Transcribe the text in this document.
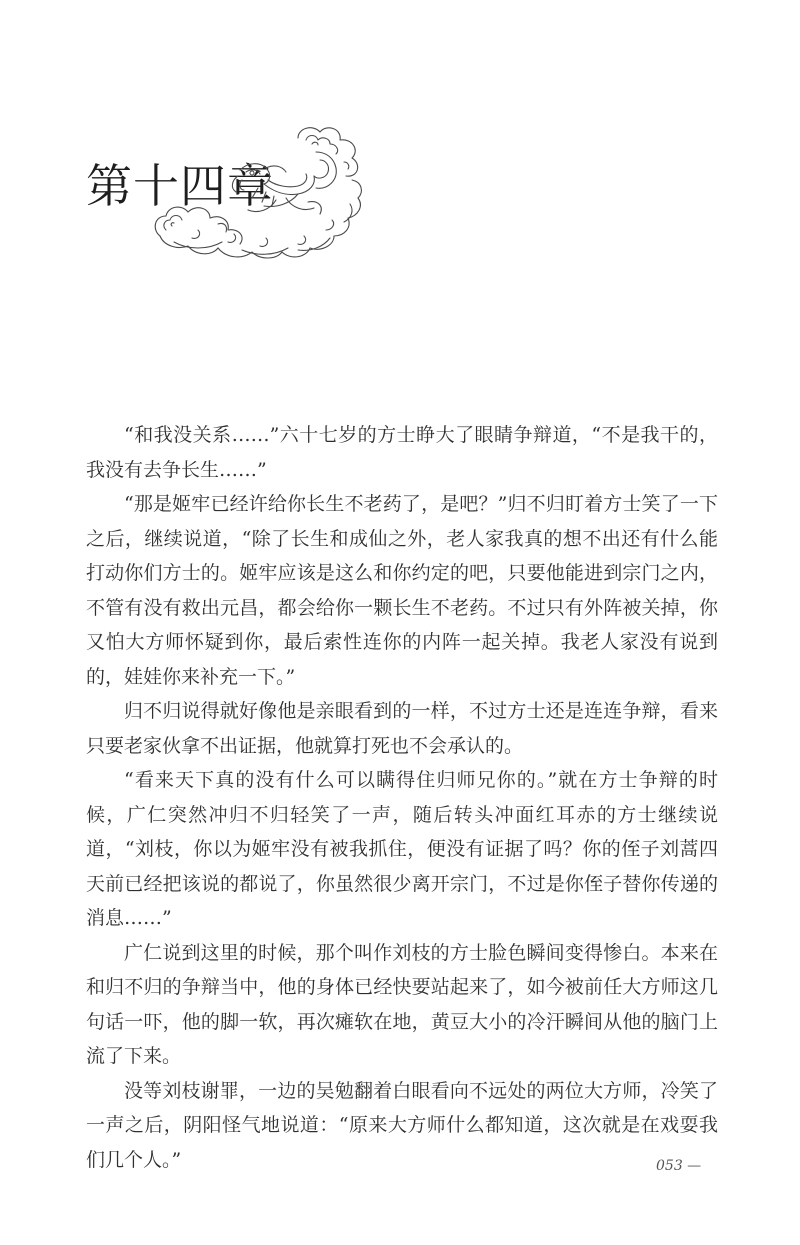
第十四章

“和我没关系……”六十七岁的方士睁大了眼睛争辩道，“不是我干的，我没有去争长生……”

“那是姬牢已经许给你长生不老药了，是吧？”归不归盯着方士笑了一下之后，继续说道，“除了长生和成仙之外，老人家我真的想不出还有什么能打动你们方士的。姬牢应该是这么和你约定的吧，只要他能进到宗门之内，不管有没有救出元昌，都会给你一颗长生不老药。不过只有外阵被关掉，你又怕大方师怀疑到你，最后索性连你的内阵一起关掉。我老人家没有说到的，娃娃你来补充一下。”

归不归说得就好像他是亲眼看到的一样，不过方士还是连连争辩，看来只要老家伙拿不出证据，他就算打死也不会承认的。

“看来天下真的没有什么可以瞒得住归师兄你的。”就在方士争辩的时候，广仁突然冲归不归轻笑了一声，随后转头冲面红耳赤的方士继续说道，“刘枝，你以为姬牢没有被我抓住，便没有证据了吗？你的侄子刘蒿四天前已经把该说的都说了，你虽然很少离开宗门，不过是你侄子替你传递的消息……”

广仁说到这里的时候，那个叫作刘枝的方士脸色瞬间变得惨白。本来在和归不归的争辩当中，他的身体已经快要站起来了，如今被前任大方师这几句话一吓，他的脚一软，再次瘫软在地，黄豆大小的冷汗瞬间从他的脑门上流了下来。

没等刘枝谢罪，一边的吴勉翻着白眼看向不远处的两位大方师，冷笑了一声之后，阴阳怪气地说道：“原来大方师什么都知道，这次就是在戏耍我们几个人。”	053 —
